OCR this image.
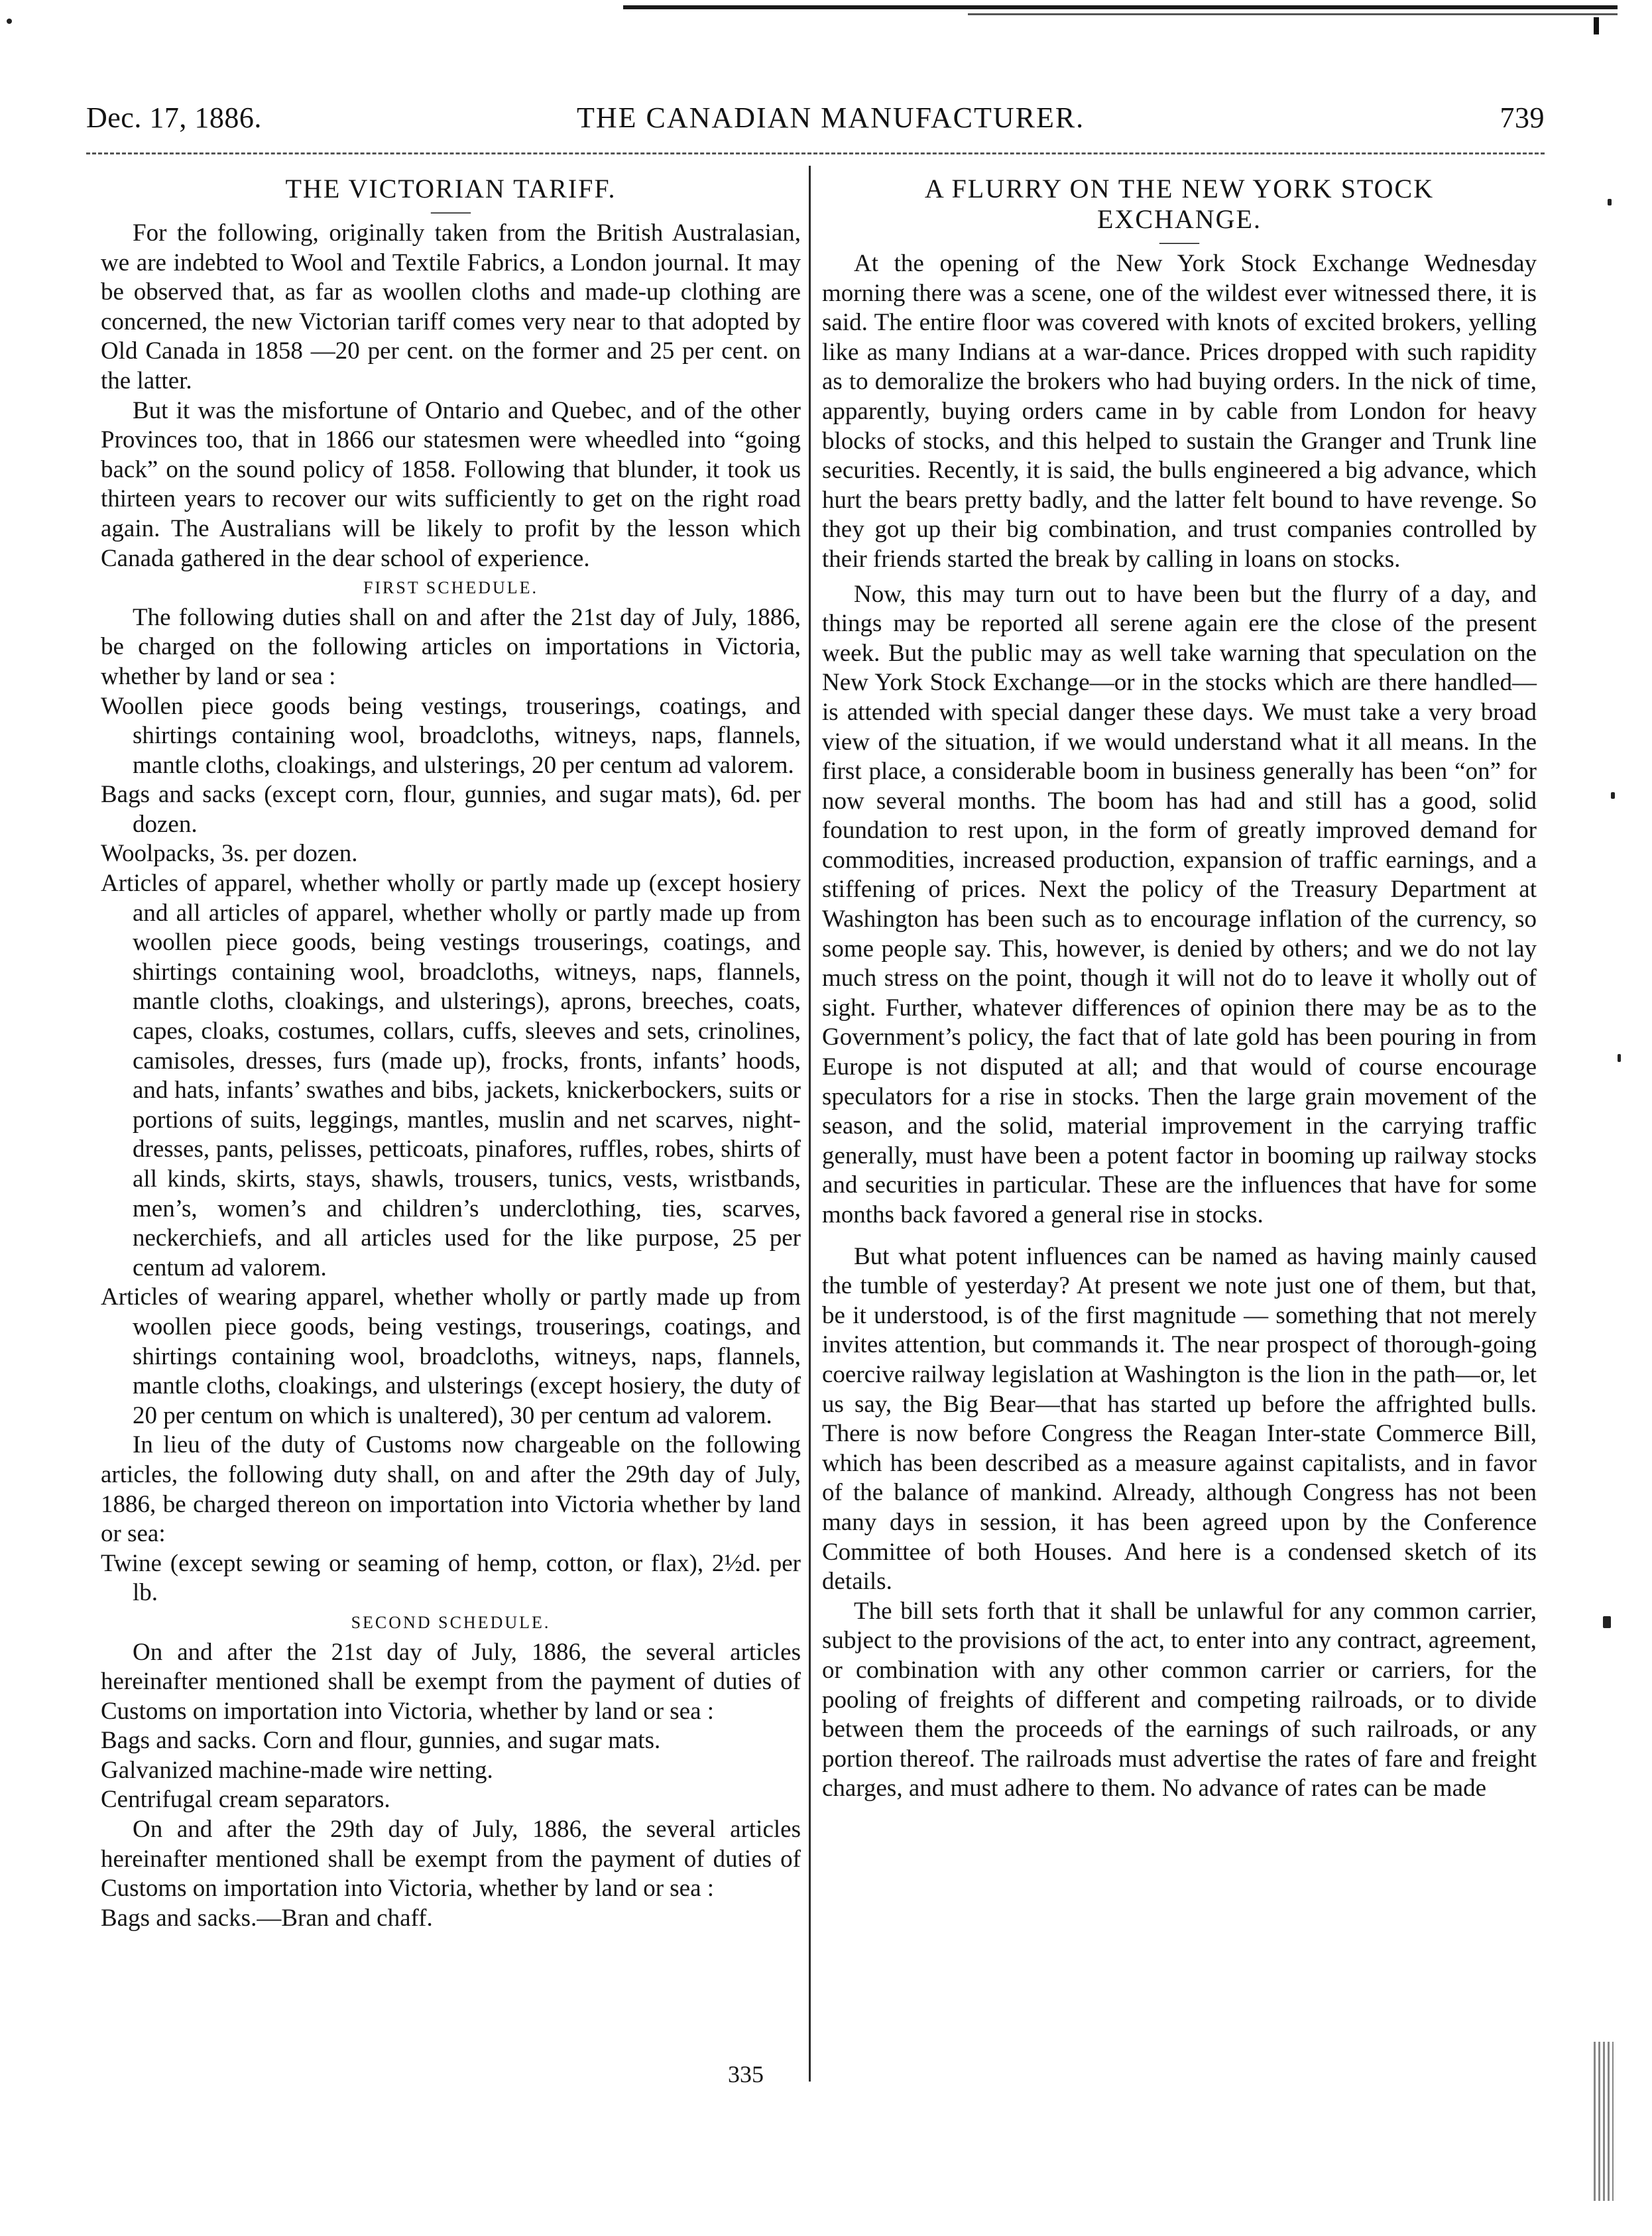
Dec. 17, 1886.	THE CANADIAN MANUFACTURER.	739

THE VICTORIAN TARIFF.

——

For the following, originally taken from the British Australasian, we are indebted to Wool and Textile Fabrics, a London journal. It may be observed that, as far as woollen cloths and made-up clothing are concerned, the new Victorian tariff comes very near to that adopted by Old Canada in 1858 —20 per cent. on the former and 25 per cent. on the latter.

But it was the misfortune of Ontario and Quebec, and of the other Provinces too, that in 1866 our statesmen were wheedled into “going back” on the sound policy of 1858. Following that blunder, it took us thirteen years to recover our wits sufficiently to get on the right road again. The Australians will be likely to profit by the lesson which Canada gathered in the dear school of experience.

FIRST SCHEDULE.

The following duties shall on and after the 21st day of July, 1886, be charged on the following articles on importations in Victoria, whether by land or sea :

Woollen piece goods being vestings, trouserings, coatings, and shirtings containing wool, broadcloths, witneys, naps, flannels, mantle cloths, cloakings, and ulsterings, 20 per centum ad valorem.

Bags and sacks (except corn, flour, gunnies, and sugar mats), 6d. per dozen.

Woolpacks, 3s. per dozen.

Articles of apparel, whether wholly or partly made up (except hosiery and all articles of apparel, whether wholly or partly made up from woollen piece goods, being vestings trouserings, coatings, and shirtings containing wool, broadcloths, witneys, naps, flannels, mantle cloths, cloakings, and ulsterings), aprons, breeches, coats, capes, cloaks, costumes, collars, cuffs, sleeves and sets, crinolines, camisoles, dresses, furs (made up), frocks, fronts, infants’ hoods, and hats, infants’ swathes and bibs, jackets, knickerbockers, suits or portions of suits, leggings, mantles, muslin and net scarves, night-dresses, pants, pelisses, petticoats, pinafores, ruffles, robes, shirts of all kinds, skirts, stays, shawls, trousers, tunics, vests, wristbands, men’s, women’s and children’s underclothing, ties, scarves, neckerchiefs, and all articles used for the like purpose, 25 per centum ad valorem.

Articles of wearing apparel, whether wholly or partly made up from woollen piece goods, being vestings, trouserings, coatings, and shirtings containing wool, broadcloths, witneys, naps, flannels, mantle cloths, cloakings, and ulsterings (except hosiery, the duty of 20 per centum on which is unaltered), 30 per centum ad valorem.

In lieu of the duty of Customs now chargeable on the following articles, the following duty shall, on and after the 29th day of July, 1886, be charged thereon on importation into Victoria whether by land or sea:

Twine (except sewing or seaming of hemp, cotton, or flax), 2½d. per lb.

SECOND SCHEDULE.

On and after the 21st day of July, 1886, the several articles hereinafter mentioned shall be exempt from the payment of duties of Customs on importation into Victoria, whether by land or sea :

Bags and sacks. Corn and flour, gunnies, and sugar mats.

Galvanized machine-made wire netting.

Centrifugal cream separators.

On and after the 29th day of July, 1886, the several articles hereinafter mentioned shall be exempt from the payment of duties of Customs on importation into Victoria, whether by land or sea :

Bags and sacks.—Bran and chaff.

A FLURRY ON THE NEW YORK STOCK

EXCHANGE.

——

At the opening of the New York Stock Exchange Wednesday morning there was a scene, one of the wildest ever witnessed there, it is said. The entire floor was covered with knots of excited brokers, yelling like as many Indians at a war-dance. Prices dropped with such rapidity as to demoralize the brokers who had buying orders. In the nick of time, apparently, buying orders came in by cable from London for heavy blocks of stocks, and this helped to sustain the Granger and Trunk line securities. Recently, it is said, the bulls engineered a big advance, which hurt the bears pretty badly, and the latter felt bound to have revenge. So they got up their big combination, and trust companies controlled by their friends started the break by calling in loans on stocks.

Now, this may turn out to have been but the flurry of a day, and things may be reported all serene again ere the close of the present week. But the public may as well take warning that speculation on the New York Stock Exchange—or in the stocks which are there handled—is attended with special danger these days. We must take a very broad view of the situation, if we would understand what it all means. In the first place, a considerable boom in business generally has been “on” for now several months. The boom has had and still has a good, solid foundation to rest upon, in the form of greatly improved demand for commodities, increased production, expansion of traffic earnings, and a stiffening of prices. Next the policy of the Treasury Department at Washington has been such as to encourage inflation of the currency, so some people say. This, however, is denied by others; and we do not lay much stress on the point, though it will not do to leave it wholly out of sight. Further, whatever differences of opinion there may be as to the Government’s policy, the fact that of late gold has been pouring in from Europe is not disputed at all; and that would of course encourage speculators for a rise in stocks. Then the large grain movement of the season, and the solid, material improvement in the carrying traffic generally, must have been a potent factor in booming up railway stocks and securities in particular. These are the influences that have for some months back favored a general rise in stocks.

But what potent influences can be named as having mainly caused the tumble of yesterday? At present we note just one of them, but that, be it understood, is of the first magnitude — something that not merely invites attention, but commands it. The near prospect of thorough-going coercive railway legislation at Washington is the lion in the path—or, let us say, the Big Bear—that has started up before the affrighted bulls. There is now before Congress the Reagan Inter-state Commerce Bill, which has been described as a measure against capitalists, and in favor of the balance of mankind. Already, although Congress has not been many days in session, it has been agreed upon by the Conference Committee of both Houses. And here is a condensed sketch of its details.

The bill sets forth that it shall be unlawful for any common carrier, subject to the provisions of the act, to enter into any contract, agreement, or combination with any other common carrier or carriers, for the pooling of freights of different and competing railroads, or to divide between them the proceeds of the earnings of such railroads, or any portion thereof. The railroads must advertise the rates of fare and freight charges, and must adhere to them. No advance of rates can be made

335
